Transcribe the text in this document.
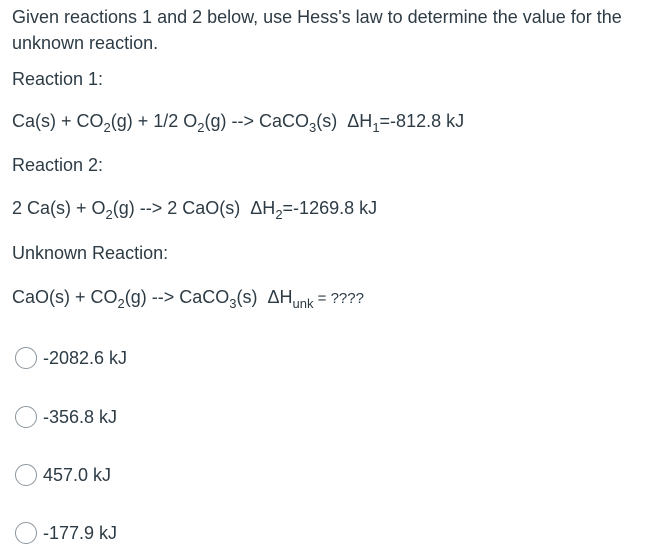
Given reactions 1 and 2 below, use Hess's law to determine the value for the unknown reaction.
Reaction 1:
$Ca(s) + CO_2(g) + 1/2$ $O_2(g)$ --> CaCO$_3$(s) $\Delta H_1=-812.8$ kJ
Reaction 2:
2 $Ca(s) + O_2(g)$ --> 2 CaO(s) $\Delta H_2=-1269.8$ kJ
Unknown Reaction:
$CaO(s) + CO_2(g)$ --> CaCO$_3$(s) $\Delta H_{unk}$ = ????
-2082.6 kJ
-356.8 kJ
457.0 kJ
-177.9 kJ
